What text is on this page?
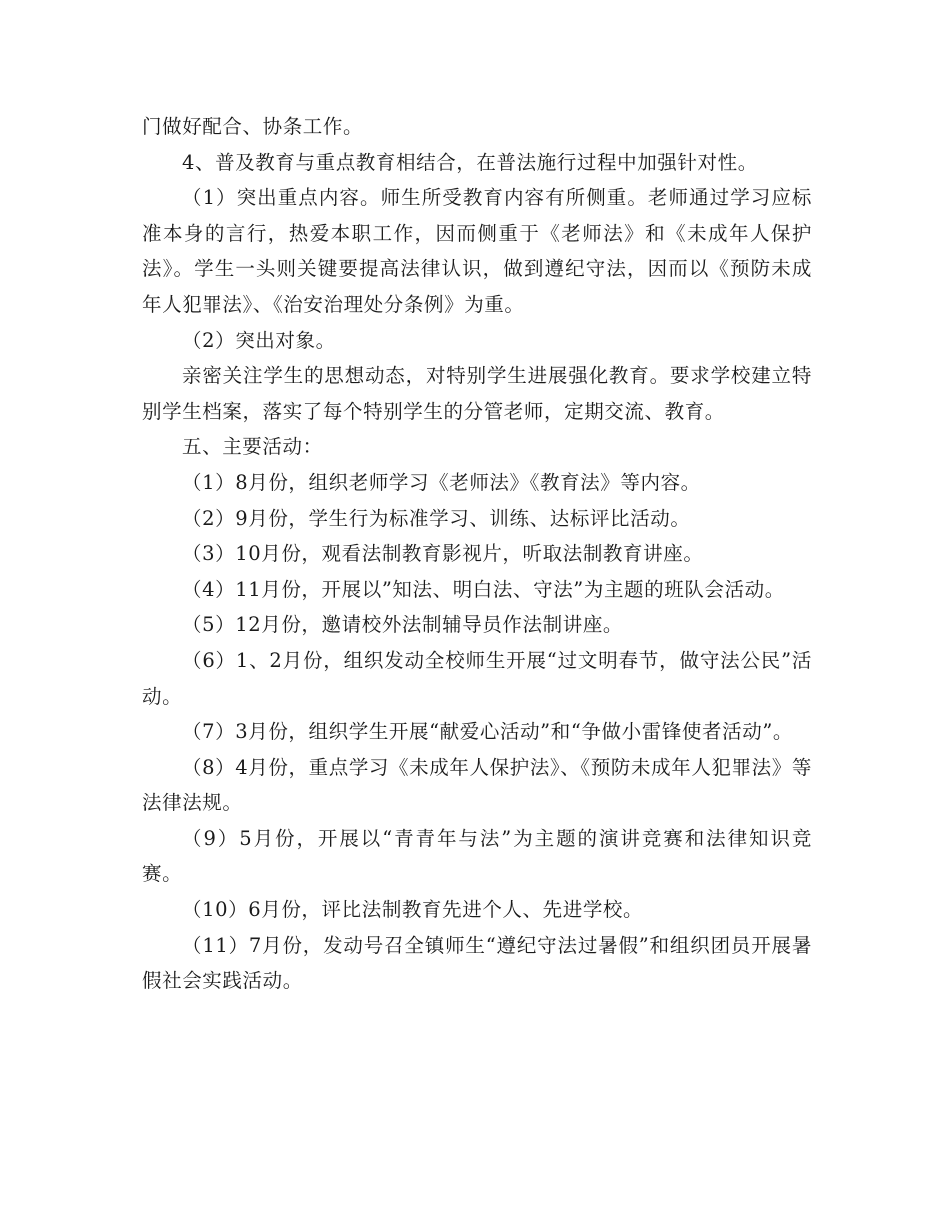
门做好配合、协条工作。

4、普及教育与重点教育相结合，在普法施行过程中加强针对性。

（1）突出重点内容。师生所受教育内容有所侧重。老师通过学习应标准本身的言行，热爱本职工作，因而侧重于《老师法》和《未成年人保护法》。学生一头则关键要提高法律认识，做到遵纪守法，因而以《预防未成年人犯罪法》、《治安治理处分条例》为重。

（2）突出对象。

亲密关注学生的思想动态，对特别学生进展强化教育。要求学校建立特别学生档案，落实了每个特别学生的分管老师，定期交流、教育。

五、主要活动：

（1）8月份，组织老师学习《老师法》《教育法》等内容。

（2）9月份，学生行为标准学习、训练、达标评比活动。

（3）10月份，观看法制教育影视片，听取法制教育讲座。

（4）11月份，开展以”知法、明白法、守法”为主题的班队会活动。

（5）12月份，邀请校外法制辅导员作法制讲座。

（6）1、2月份，组织发动全校师生开展“过文明春节，做守法公民”活动。

（7）3月份，组织学生开展“献爱心活动”和“争做小雷锋使者活动”。

（8）4月份，重点学习《未成年人保护法》、《预防未成年人犯罪法》等法律法规。

（9）5月份，开展以“青青年与法”为主题的演讲竞赛和法律知识竞赛。

（10）6月份，评比法制教育先进个人、先进学校。

（11）7月份，发动号召全镇师生“遵纪守法过暑假”和组织团员开展暑假社会实践活动。
